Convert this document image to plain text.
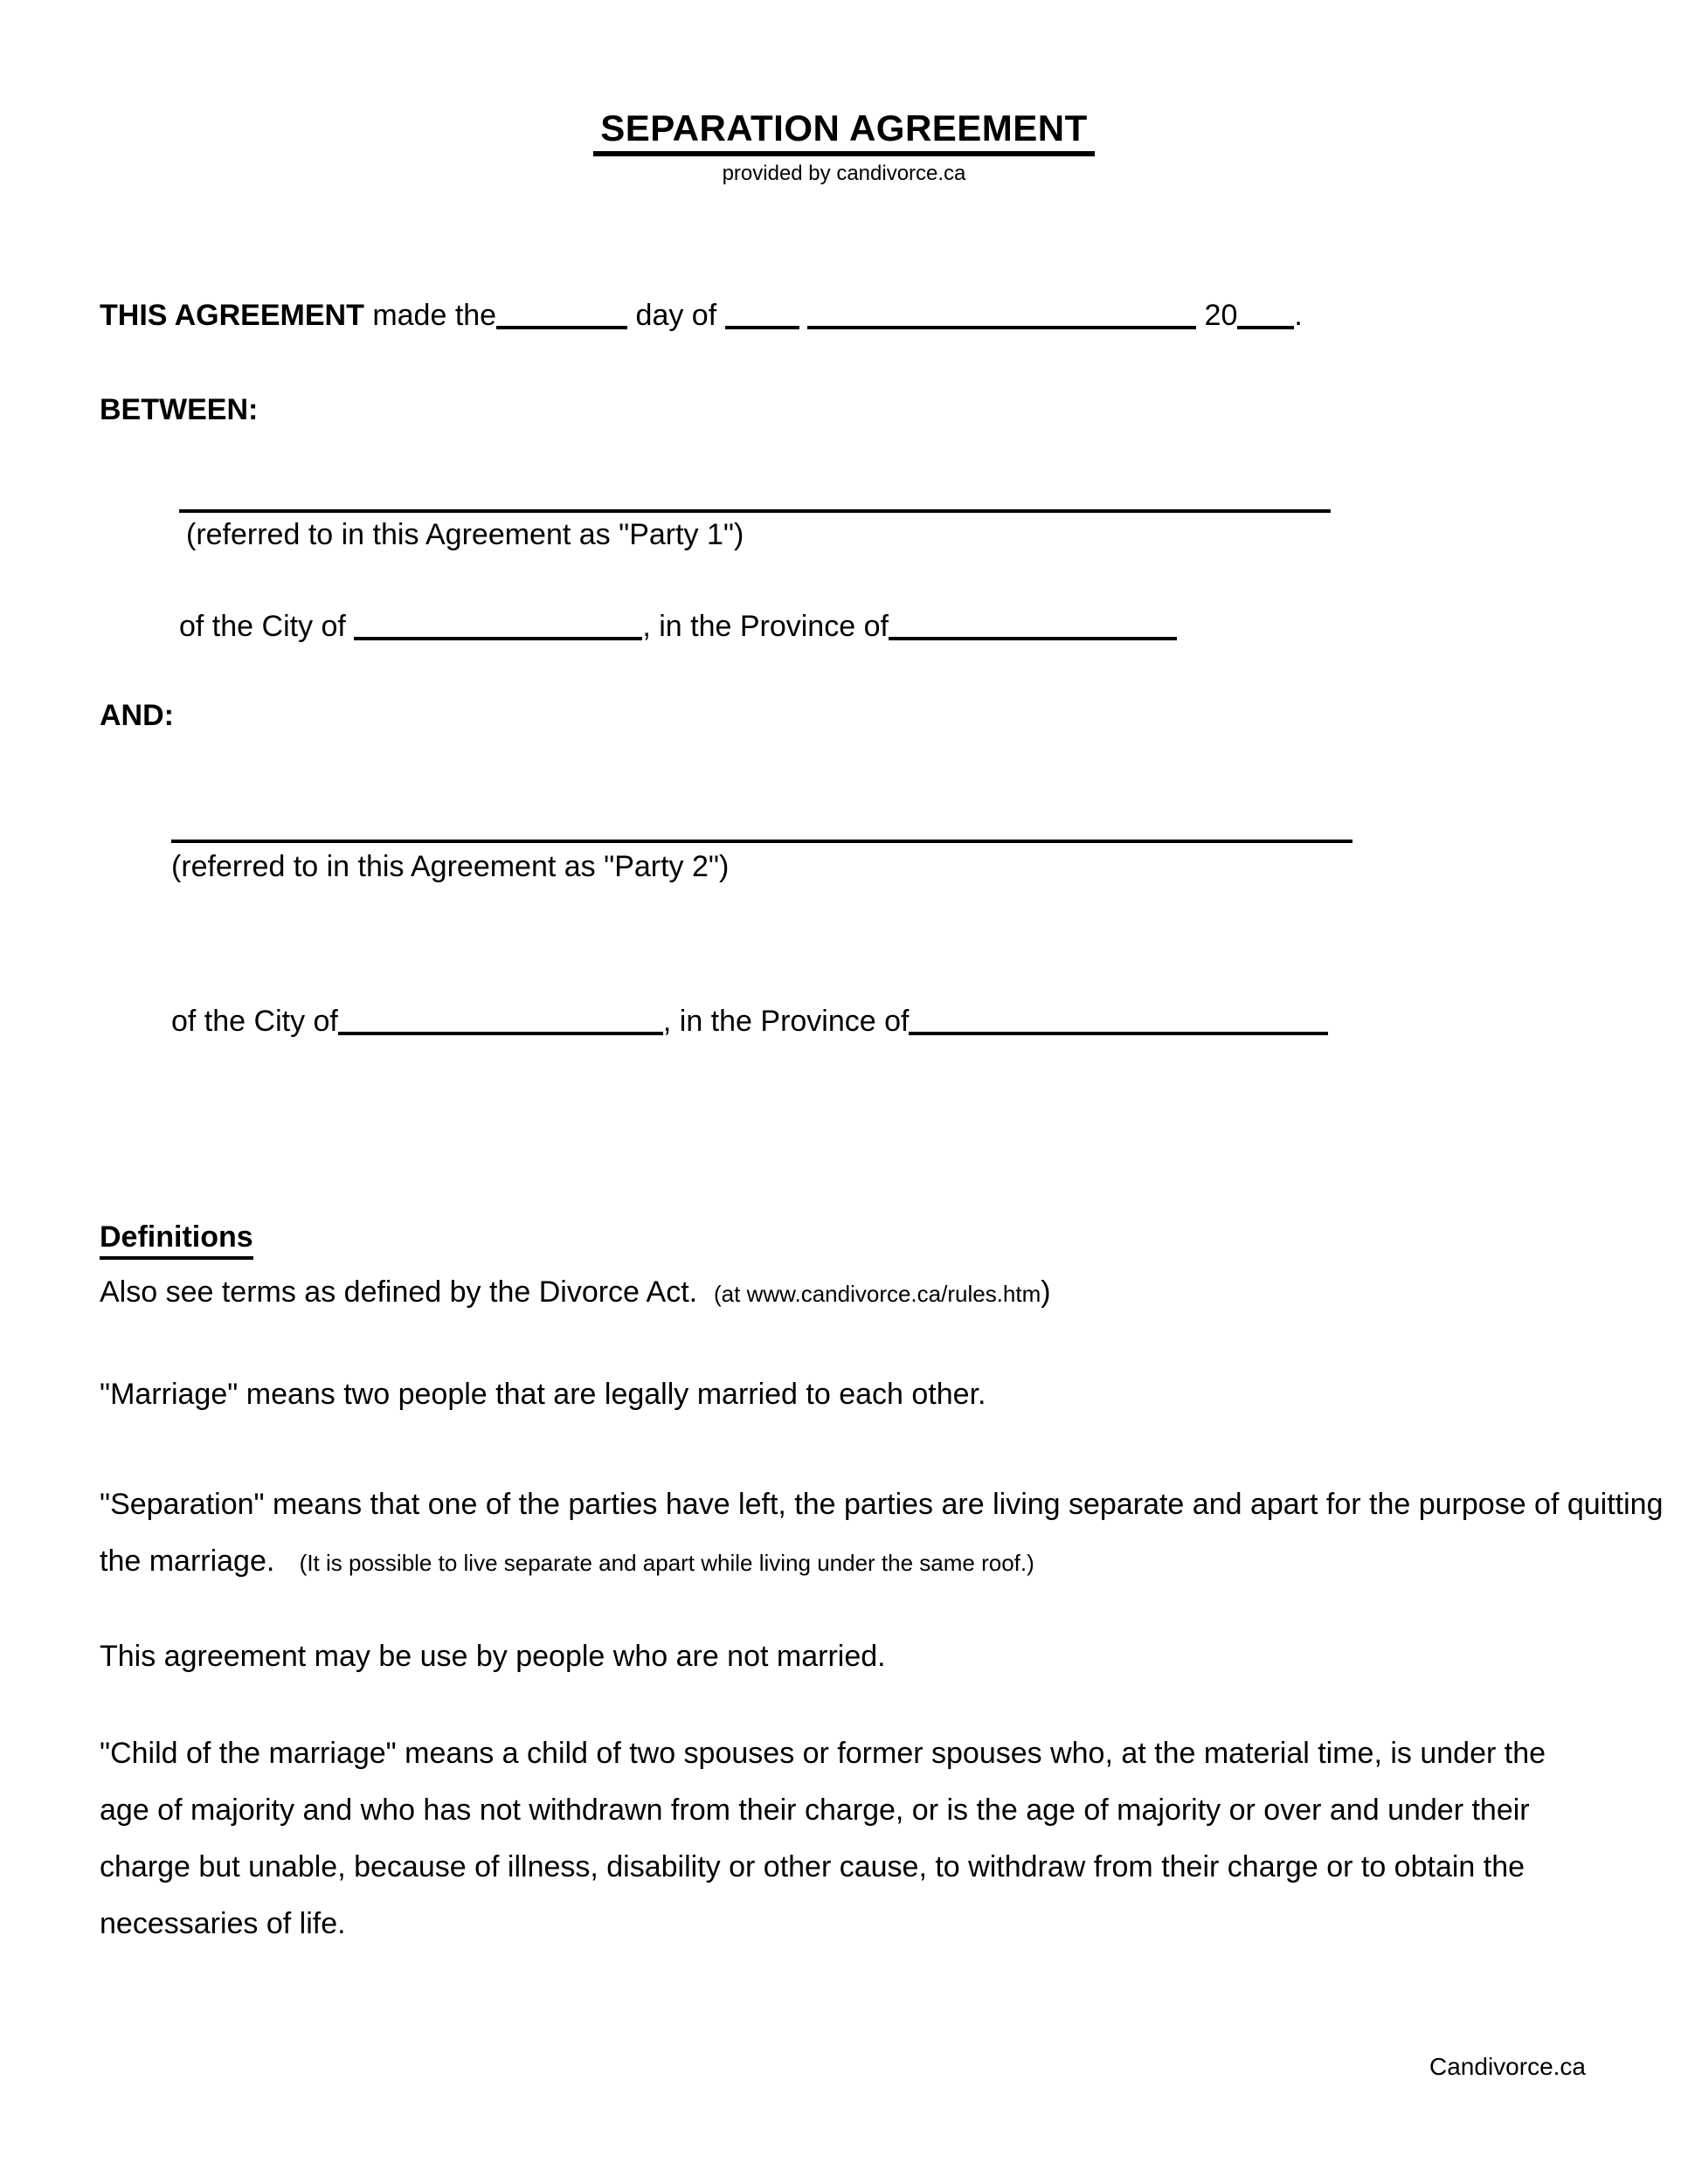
SEPARATION AGREEMENT
provided by candivorce.ca
THIS AGREEMENT made the	day of	20 .
BETWEEN:
(referred to in this Agreement as "Party 1")
of the City of	, in the Province of
AND:
(referred to in this Agreement as "Party 2")
of the City of	, in the Province of
Definitions
Also see terms as defined by the Divorce Act. (at www.candivorce.ca/rules.htm)
"Marriage" means two people that are legally married to each other.
"Separation" means that one of the parties have left, the parties are living separate and apart for the purpose of quitting the marriage. (It is possible to live separate and apart while living under the same roof.)
This agreement may be use by people who are not married.
"Child of the marriage" means a child of two spouses or former spouses who, at the material time, is under the age of majority and who has not withdrawn from their charge, or is the age of majority or over and under their charge but unable, because of illness, disability or other cause, to withdraw from their charge or to obtain the necessaries of life.
Candivorce.ca
